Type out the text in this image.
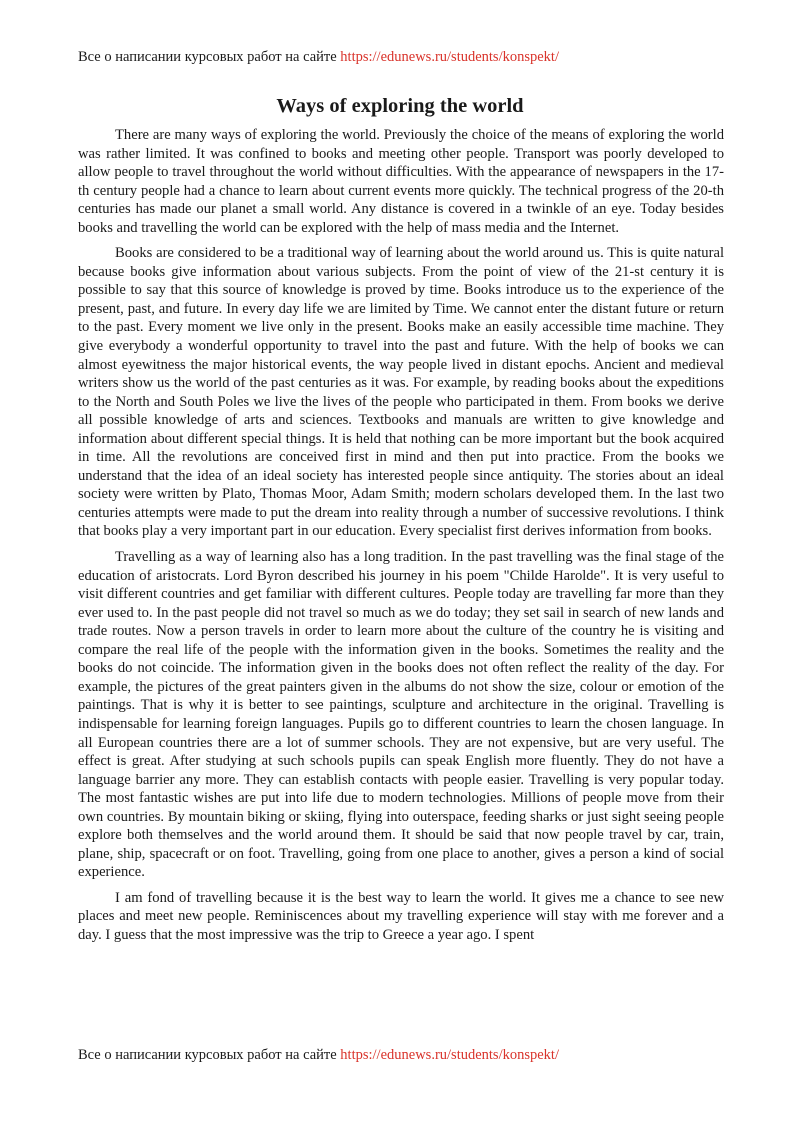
Все о написании курсовых работ на сайте https://edunews.ru/students/konspekt/
Ways of exploring the world

There are many ways of exploring the world. Previously the choice of the means of exploring the world was rather limited. It was confined to books and meeting other people. Transport was poorly developed to allow people to travel throughout the world without difficulties. With the appearance of newspapers in the 17-th century people had a chance to learn about current events more quickly. The technical progress of the 20-th centuries has made our planet a small world. Any distance is covered in a twinkle of an eye. Today besides books and travelling the world can be explored with the help of mass media and the Internet.

Books are considered to be a traditional way of learning about the world around us. This is quite natural because books give information about various subjects. From the point of view of the 21-st century it is possible to say that this source of knowledge is proved by time. Books introduce us to the experience of the present, past, and future. In every day life we are limited by Time. We cannot enter the distant future or return to the past. Every moment we live only in the present. Books make an easily accessible time machine. They give everybody a wonderful opportunity to travel into the past and future. With the help of books we can almost eyewitness the major historical events, the way people lived in distant epochs. Ancient and medieval writers show us the world of the past centuries as it was. For example, by reading books about the expeditions to the North and South Poles we live the lives of the people who participated in them. From books we derive all possible knowledge of arts and sciences. Textbooks and manuals are written to give knowledge and information about different special things. It is held that nothing can be more important but the book acquired in time. All the revolutions are conceived first in mind and then put into practice. From the books we understand that the idea of an ideal society has interested people since antiquity. The stories about an ideal society were written by Plato, Thomas Moor, Adam Smith; modern scholars developed them. In the last two centuries attempts were made to put the dream into reality through a number of successive revolutions. I think that books play a very important part in our education. Every specialist first derives information from books.

Travelling as a way of learning also has a long tradition. In the past travelling was the final stage of the education of aristocrats. Lord Byron described his journey in his poem "Childe Harolde". It is very useful to visit different countries and get familiar with different cultures. People today are travelling far more than they ever used to. In the past people did not travel so much as we do today; they set sail in search of new lands and trade routes. Now a person travels in order to learn more about the culture of the country he is visiting and compare the real life of the people with the information given in the books. Sometimes the reality and the books do not coincide. The information given in the books does not often reflect the reality of the day. For example, the pictures of the great painters given in the albums do not show the size, colour or emotion of the paintings. That is why it is better to see paintings, sculpture and architecture in the original. Travelling is indispensable for learning foreign languages. Pupils go to different countries to learn the chosen language. In all European countries there are a lot of summer schools. They are not expensive, but are very useful. The effect is great. After studying at such schools pupils can speak English more fluently. They do not have a language barrier any more. They can establish contacts with people easier. Travelling is very popular today. The most fantastic wishes are put into life due to modern technologies. Millions of people move from their own countries. By mountain biking or skiing, flying into outerspace, feeding sharks or just sight seeing people explore both themselves and the world around them. It should be said that now people travel by car, train, plane, ship, spacecraft or on foot. Travelling, going from one place to another, gives a person a kind of social experience.

I am fond of travelling because it is the best way to learn the world. It gives me a chance to see new places and meet new people. Reminiscences about my travelling experience will stay with me forever and a day. I guess that the most impressive was the trip to Greece a year ago. I spent

Все о написании курсовых работ на сайте https://edunews.ru/students/konspekt/
